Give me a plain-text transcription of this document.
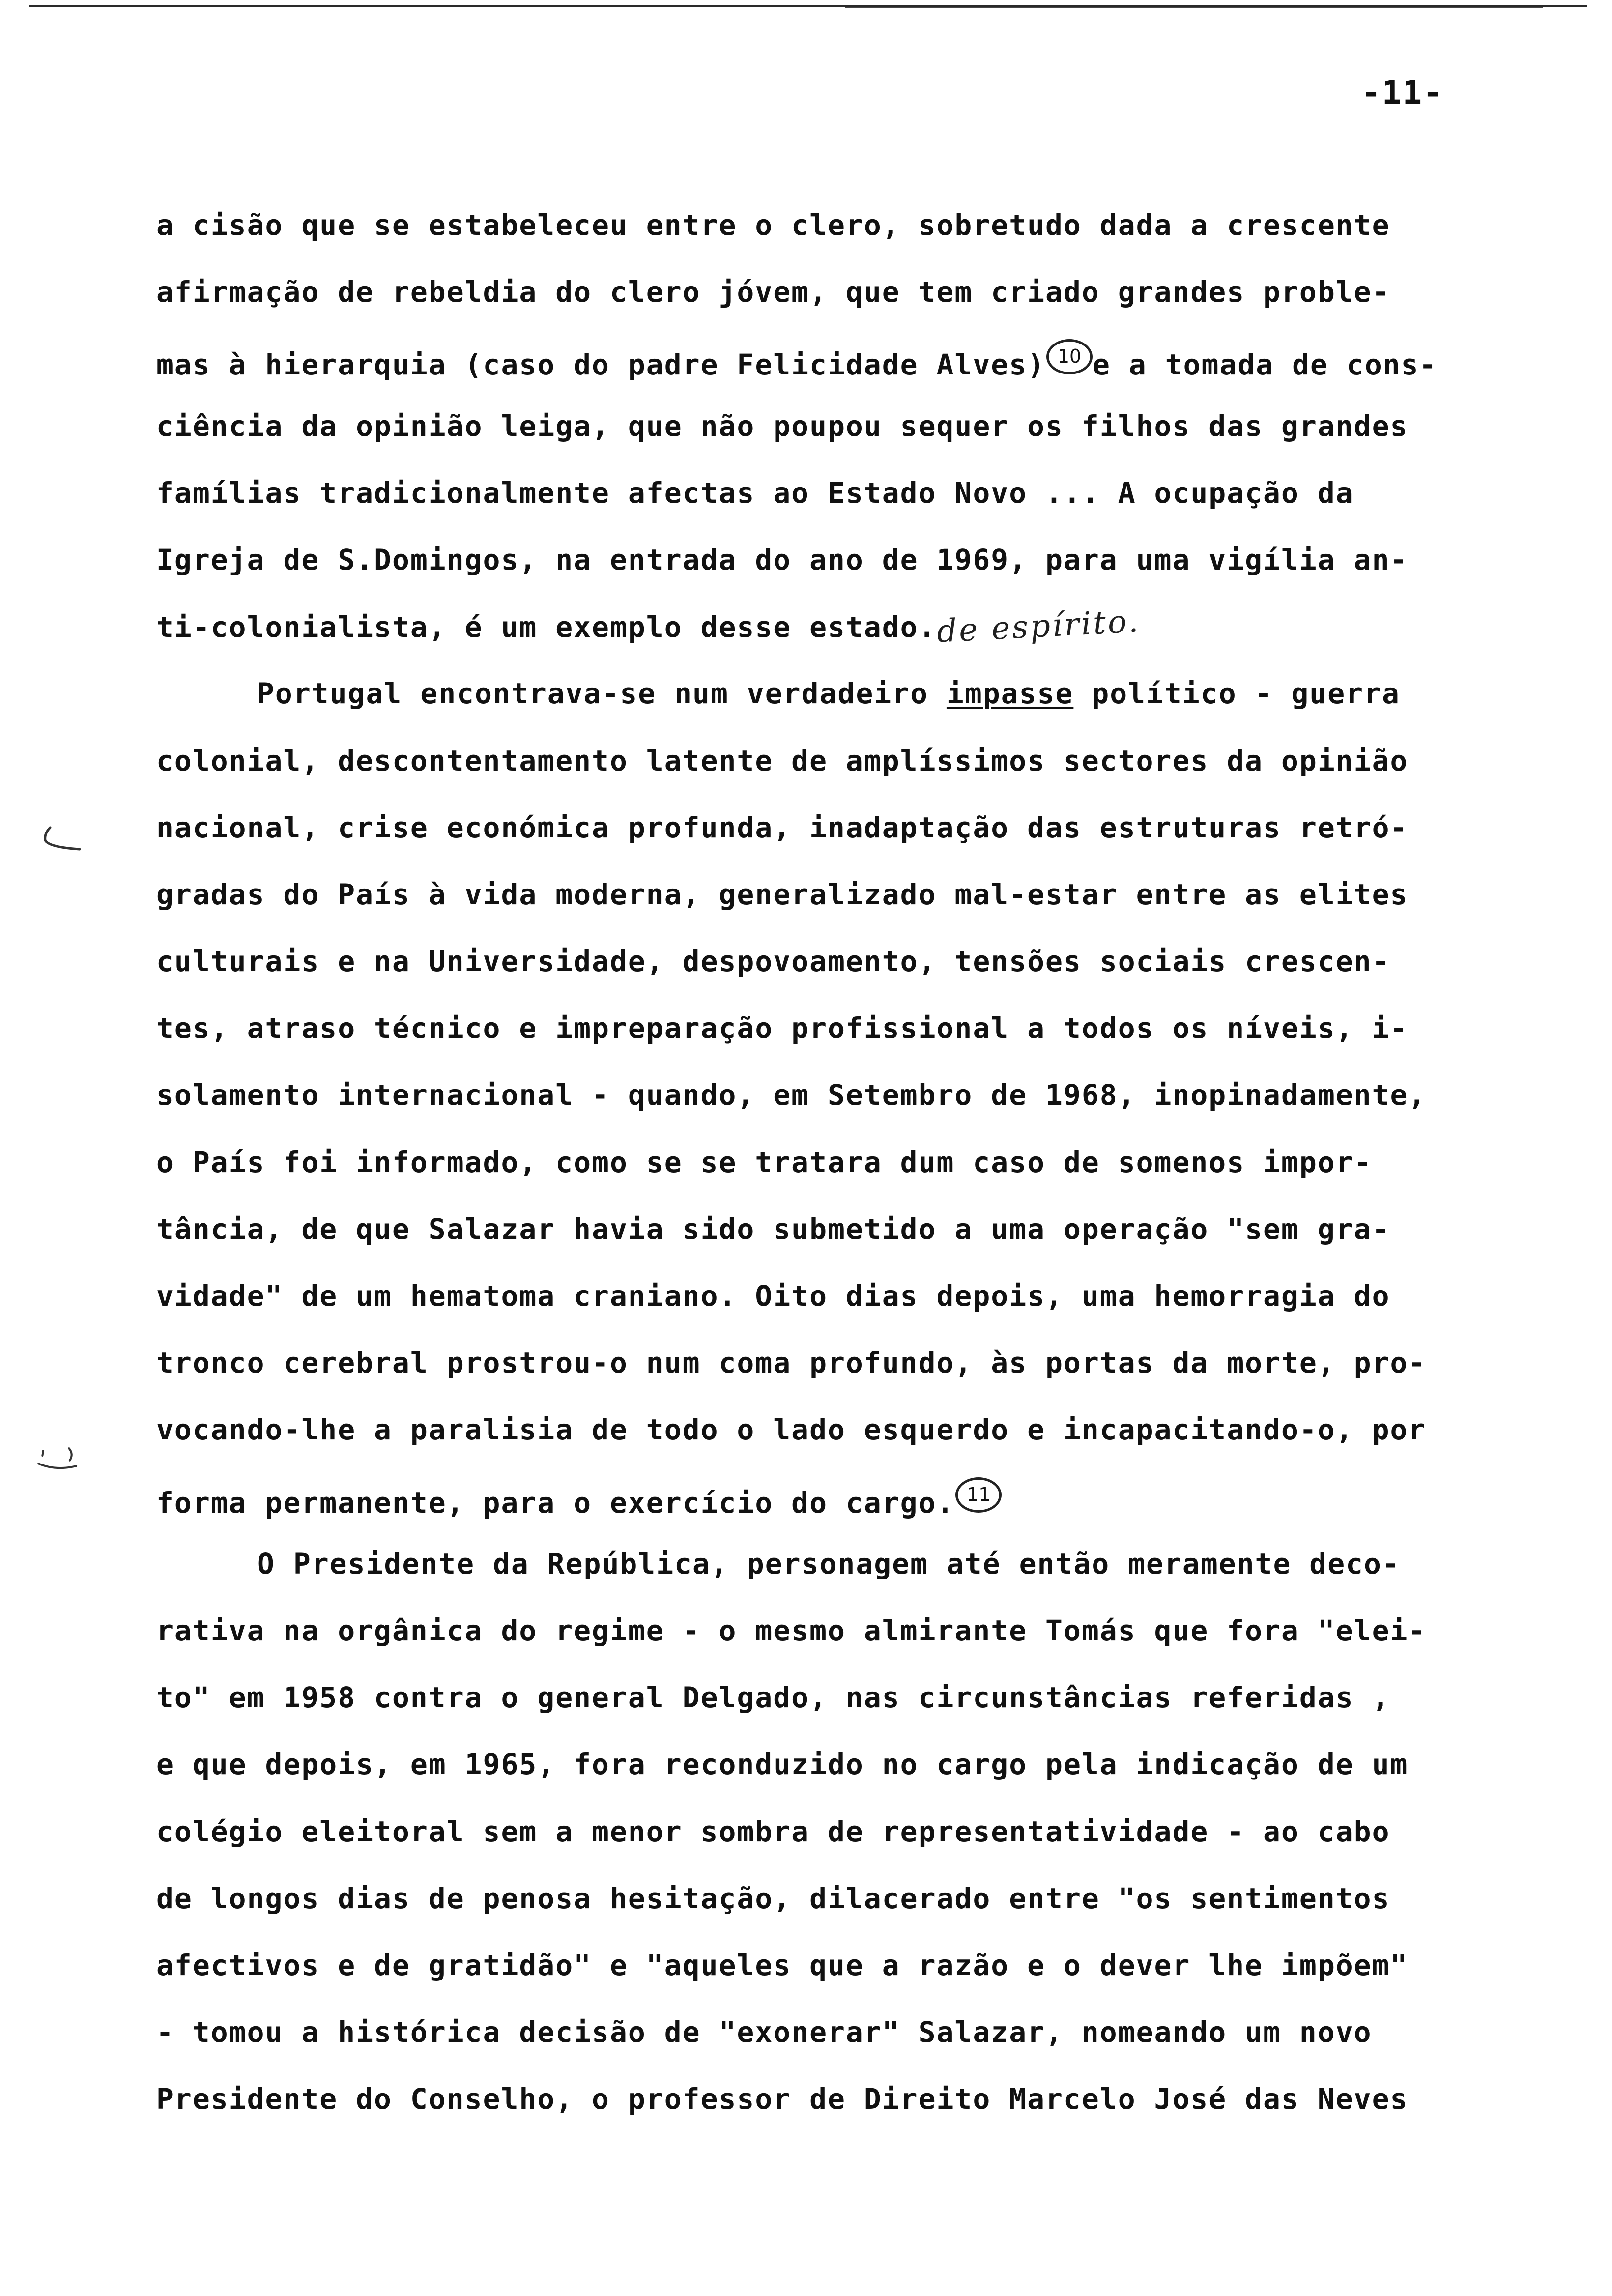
-11-
a cisão que se estabeleceu entre o clero, sobretudo dada a crescente
afirmação de rebeldia do clero jóvem, que tem criado grandes proble-
mas à hierarquia (caso do padre Felicidade Alves) 10 e a tomada de cons-
ciência da opinião leiga, que não poupou sequer os filhos das grandes
famílias tradicionalmente afectas ao Estado Novo ... A ocupação da
Igreja de S.Domingos, na entrada do ano de 1969, para uma vigília an-
ti-colonialista, é um exemplo desse estado.de espírito.
Portugal encontrava-se num verdadeiro impasse político - guerra
colonial, descontentamento latente de amplíssimos sectores da opinião
nacional, crise económica profunda, inadaptação das estruturas retró-
gradas do País à vida moderna, generalizado mal-estar entre as elites
culturais e na Universidade, despovoamento, tensões sociais crescen-
tes, atraso técnico e impreparação profissional a todos os níveis, i-
solamento internacional - quando, em Setembro de 1968, inopinadamente,
o País foi informado, como se se tratara dum caso de somenos impor-
tância, de que Salazar havia sido submetido a uma operação "sem gra-
vidade" de um hematoma craniano. Oito dias depois, uma hemorragia do
tronco cerebral prostrou-o num coma profundo, às portas da morte, pro-
vocando-lhe a paralisia de todo o lado esquerdo e incapacitando-o, por
forma permanente, para o exercício do cargo. 11
O Presidente da República, personagem até então meramente deco-
rativa na orgânica do regime - o mesmo almirante Tomás que fora "elei-
to" em 1958 contra o general Delgado, nas circunstâncias referidas ,
e que depois, em 1965, fora reconduzido no cargo pela indicação de um
colégio eleitoral sem a menor sombra de representatividade - ao cabo
de longos dias de penosa hesitação, dilacerado entre "os sentimentos
afectivos e de gratidão" e "aqueles que a razão e o dever lhe impõem"
- tomou a histórica decisão de "exonerar" Salazar, nomeando um novo
Presidente do Conselho, o professor de Direito Marcelo José das Neves
